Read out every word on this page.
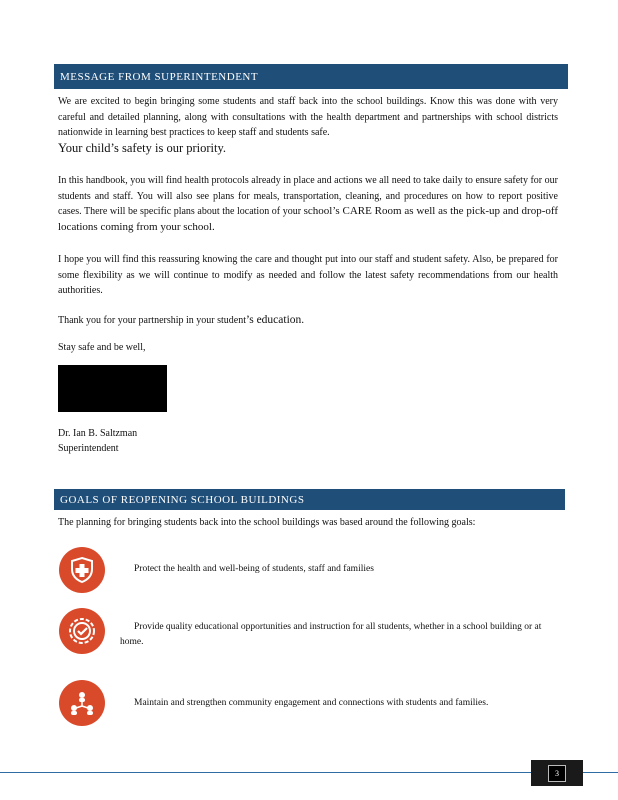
MESSAGE FROM SUPERINTENDENT
We are excited to begin bringing some students and staff back into the school buildings. Know this was done with very careful and detailed planning, along with consultations with the health department and partnerships with school districts nationwide in learning best practices to keep staff and students safe.
Your child’s safety is our priority.
In this handbook, you will find health protocols already in place and actions we all need to take daily to ensure safety for our students and staff. You will also see plans for meals, transportation, cleaning, and procedures on how to report positive cases. There will be specific plans about the location of your school’s CARE Room as well as the pick-up and drop-off locations coming from your school.
I hope you will find this reassuring knowing the care and thought put into our staff and student safety. Also, be prepared for some flexibility as we will continue to modify as needed and follow the latest safety recommendations from our health authorities.
Thank you for your partnership in your student’s education.
Stay safe and be well,
Dr. Ian B. Saltzman
Superintendent
GOALS OF REOPENING SCHOOL BUILDINGS
The planning for bringing students back into the school buildings was based around the following goals:
Protect the health and well-being of students, staff and families
Provide quality educational opportunities and instruction for all students, whether in a school building or at home.
Maintain and strengthen community engagement and connections with students and families.
3
